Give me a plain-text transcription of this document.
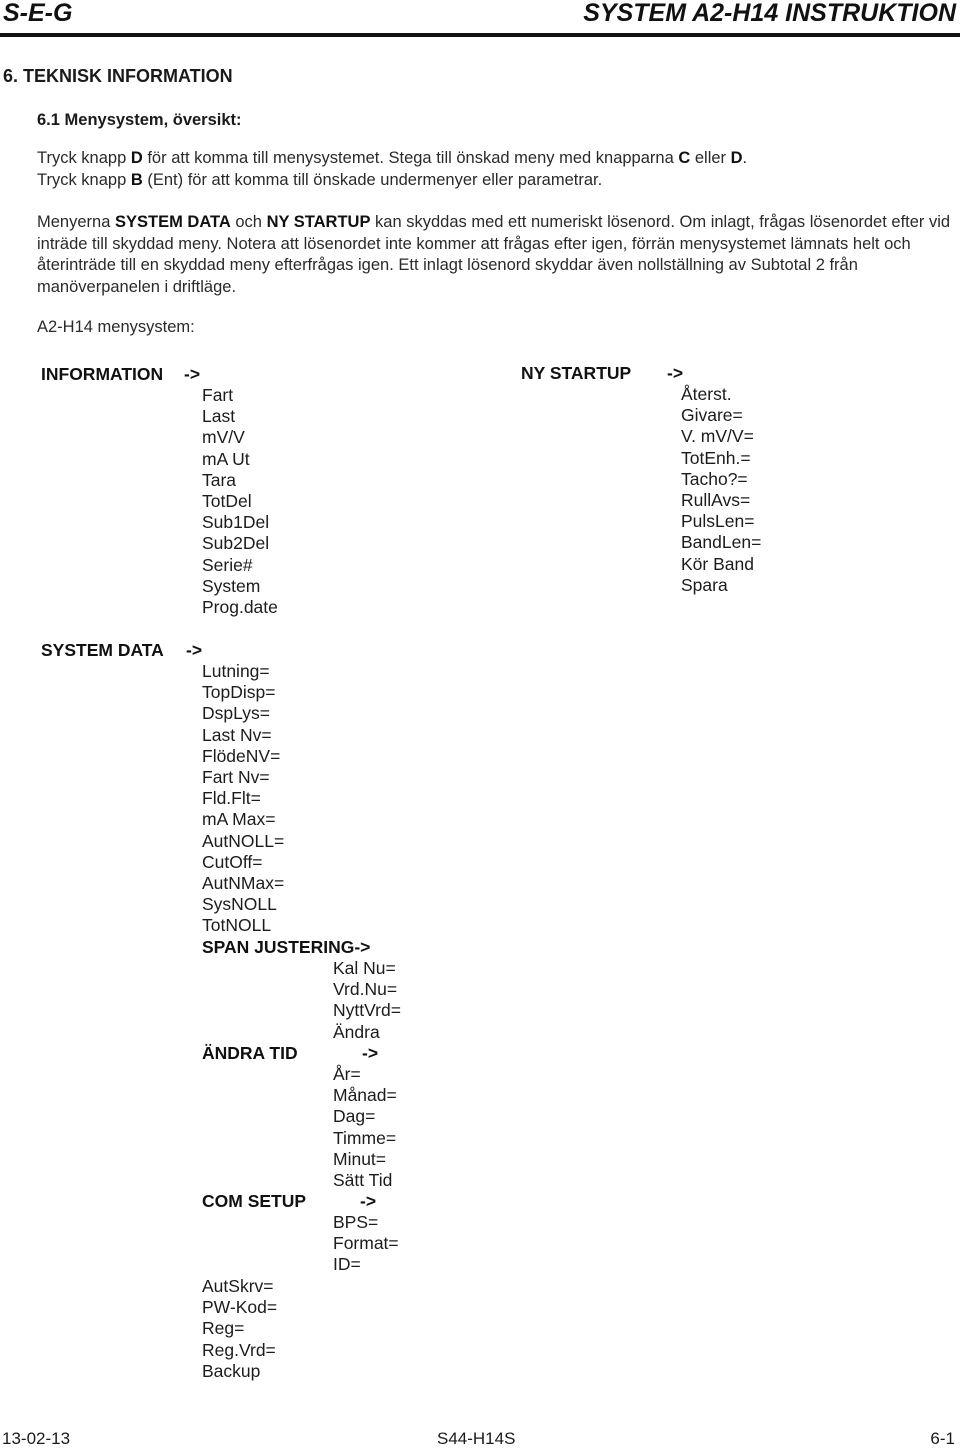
S-E-G	SYSTEM A2-H14 INSTRUKTION
6. TEKNISK INFORMATION
6.1 Menysystem, översikt:
Tryck knapp D för att komma till menysystemet. Stega till önskad meny med knapparna C eller D.
Tryck knapp B (Ent) för att komma till önskade undermenyer eller parametrar.
Menyerna SYSTEM DATA och NY STARTUP kan skyddas med ett numeriskt lösenord. Om inlagt, frågas lösenordet efter vid inträde till skyddad meny. Notera att lösenordet inte kommer att frågas efter igen, förrän menysystemet lämnats helt och återinträde till en skyddad meny efterfrågas igen. Ett inlagt lösenord skyddar även nollställning av Subtotal 2 från manöverpanelen i driftläge.
A2-H14 menysystem:
INFORMATION ->
Fart
Last
mV/V
mA Ut
Tara
TotDel
Sub1Del
Sub2Del
Serie#
System
Prog.date
NY STARTUP ->
Återst.
Givare=
V. mV/V=
TotEnh.=
Tacho?=
RullAvs=
PulsLen=
BandLen=
Kör Band
Spara
SYSTEM DATA ->
Lutning=
TopDisp=
DspLys=
Last Nv=
FlödeNV=
Fart Nv=
Fld.Flt=
mA Max=
AutNOLL=
CutOff=
AutNMax=
SysNOLL
TotNOLL
SPAN JUSTERING->
Kal Nu=
Vrd.Nu=
NyttVrd=
Ändra
ÄNDRA TID	->
År=
Månad=
Dag=
Timme=
Minut=
Sätt Tid
COM SETUP	->
BPS=
Format=
ID=
AutSkrv=
PW-Kod=
Reg=
Reg.Vrd=
Backup
13-02-13	S44-H14S	6-1
